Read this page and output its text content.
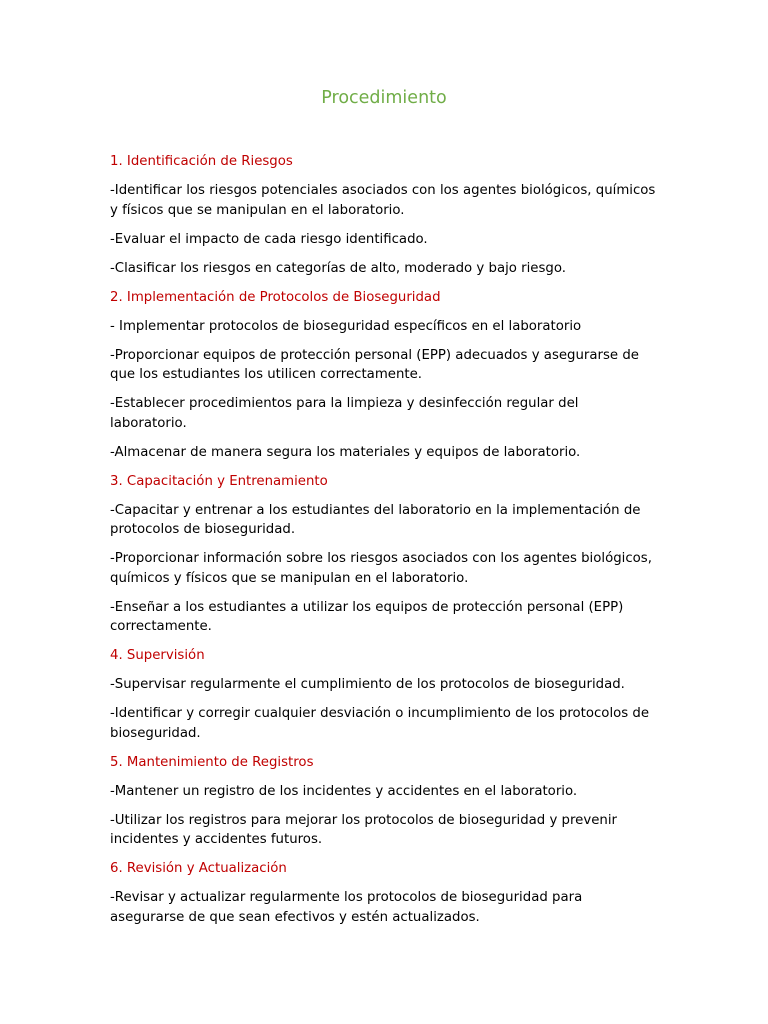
Procedimiento
1. Identificación de Riesgos
-Identificar los riesgos potenciales asociados con los agentes biológicos, químicos y físicos que se manipulan en el laboratorio.
-Evaluar el impacto de cada riesgo identificado.
-Clasificar los riesgos en categorías de alto, moderado y bajo riesgo.
2. Implementación de Protocolos de Bioseguridad
- Implementar protocolos de bioseguridad específicos en el laboratorio
-Proporcionar equipos de protección personal (EPP) adecuados y asegurarse de que los estudiantes los utilicen correctamente.
-Establecer procedimientos para la limpieza y desinfección regular del laboratorio.
-Almacenar de manera segura los materiales y equipos de laboratorio.
3. Capacitación y Entrenamiento
-Capacitar y entrenar a los estudiantes del laboratorio en la implementación de protocolos de bioseguridad.
-Proporcionar información sobre los riesgos asociados con los agentes biológicos, químicos y físicos que se manipulan en el laboratorio.
-Enseñar a los estudiantes a utilizar los equipos de protección personal (EPP) correctamente.
4. Supervisión
-Supervisar regularmente el cumplimiento de los protocolos de bioseguridad.
-Identificar y corregir cualquier desviación o incumplimiento de los protocolos de bioseguridad.
5. Mantenimiento de Registros
-Mantener un registro de los incidentes y accidentes en el laboratorio.
-Utilizar los registros para mejorar los protocolos de bioseguridad y prevenir incidentes y accidentes futuros.
6. Revisión y Actualización
-Revisar y actualizar regularmente los protocolos de bioseguridad para asegurarse de que sean efectivos y estén actualizados.
